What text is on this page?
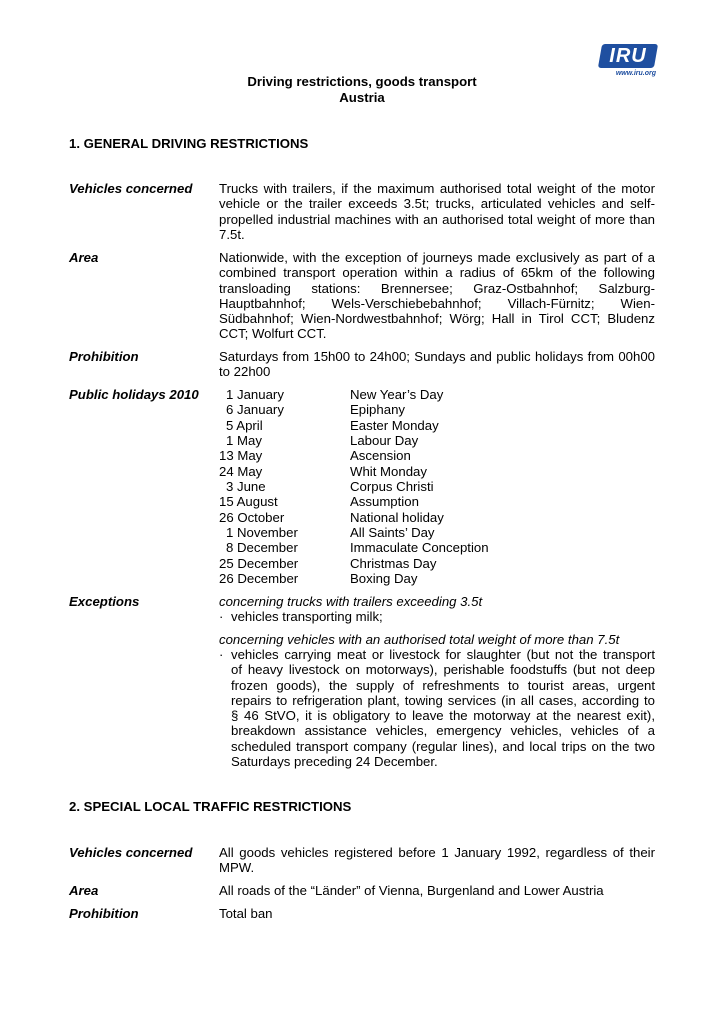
IRU
www.iru.org
Driving restrictions, goods transport
Austria
1. GENERAL DRIVING RESTRICTIONS
Vehicles concerned Trucks with trailers, if the maximum authorised total weight of the motor
vehicle or the trailer exceeds 3.5t; trucks, articulated vehicles and self-
propelled industrial machines with an authorised total weight of more than
7.5t.
Area	Nationwide, with the exception of journeys made exclusively as part of a
combined transport operation within a radius of 65km of the following
transloading stations: Brennersee; Graz-Ostbahnhof; Salzburg-
Hauptbahnhof; Wels-Verschiebebahnhof; Villach-Fürnitz; Wien-
Südbahnhof; Wien-Nordwestbahnhof; Wörg; Hall in Tirol CCT; Bludenz
CCT; Wolfurt CCT.
Prohibition	Saturdays from 15h00 to 24h00; Sundays and public holidays from 00h00
to 22h00
Public holidays 2010 1 January	New Year’s Day
6 January	Epiphany
5 April	Easter Monday
1 May	Labour Day
13 May	Ascension
24 May	Whit Monday
3 June	Corpus Christi
15 August	Assumption
26 October	National holiday
1 November	All Saints’ Day
8 December	Immaculate Conception
25 December	Christmas Day
26 December	Boxing Day
Exceptions	concerning trucks with trailers exceeding 3.5t
· vehicles transporting milk;
concerning vehicles with an authorised total weight of more than 7.5t
· vehicles carrying meat or livestock for slaughter (but not the transport
of heavy livestock on motorways), perishable foodstuffs (but not deep
frozen goods), the supply of refreshments to tourist areas, urgent
repairs to refrigeration plant, towing services (in all cases, according to
§ 46 StVO, it is obligatory to leave the motorway at the nearest exit),
breakdown assistance vehicles, emergency vehicles, vehicles of a
scheduled transport company (regular lines), and local trips on the two
Saturdays preceding 24 December.
2. SPECIAL LOCAL TRAFFIC RESTRICTIONS
Vehicles concerned All goods vehicles registered before 1 January 1992, regardless of their
MPW.
Area	All roads of the “Länder” of Vienna, Burgenland and Lower Austria
Prohibition	Total ban
